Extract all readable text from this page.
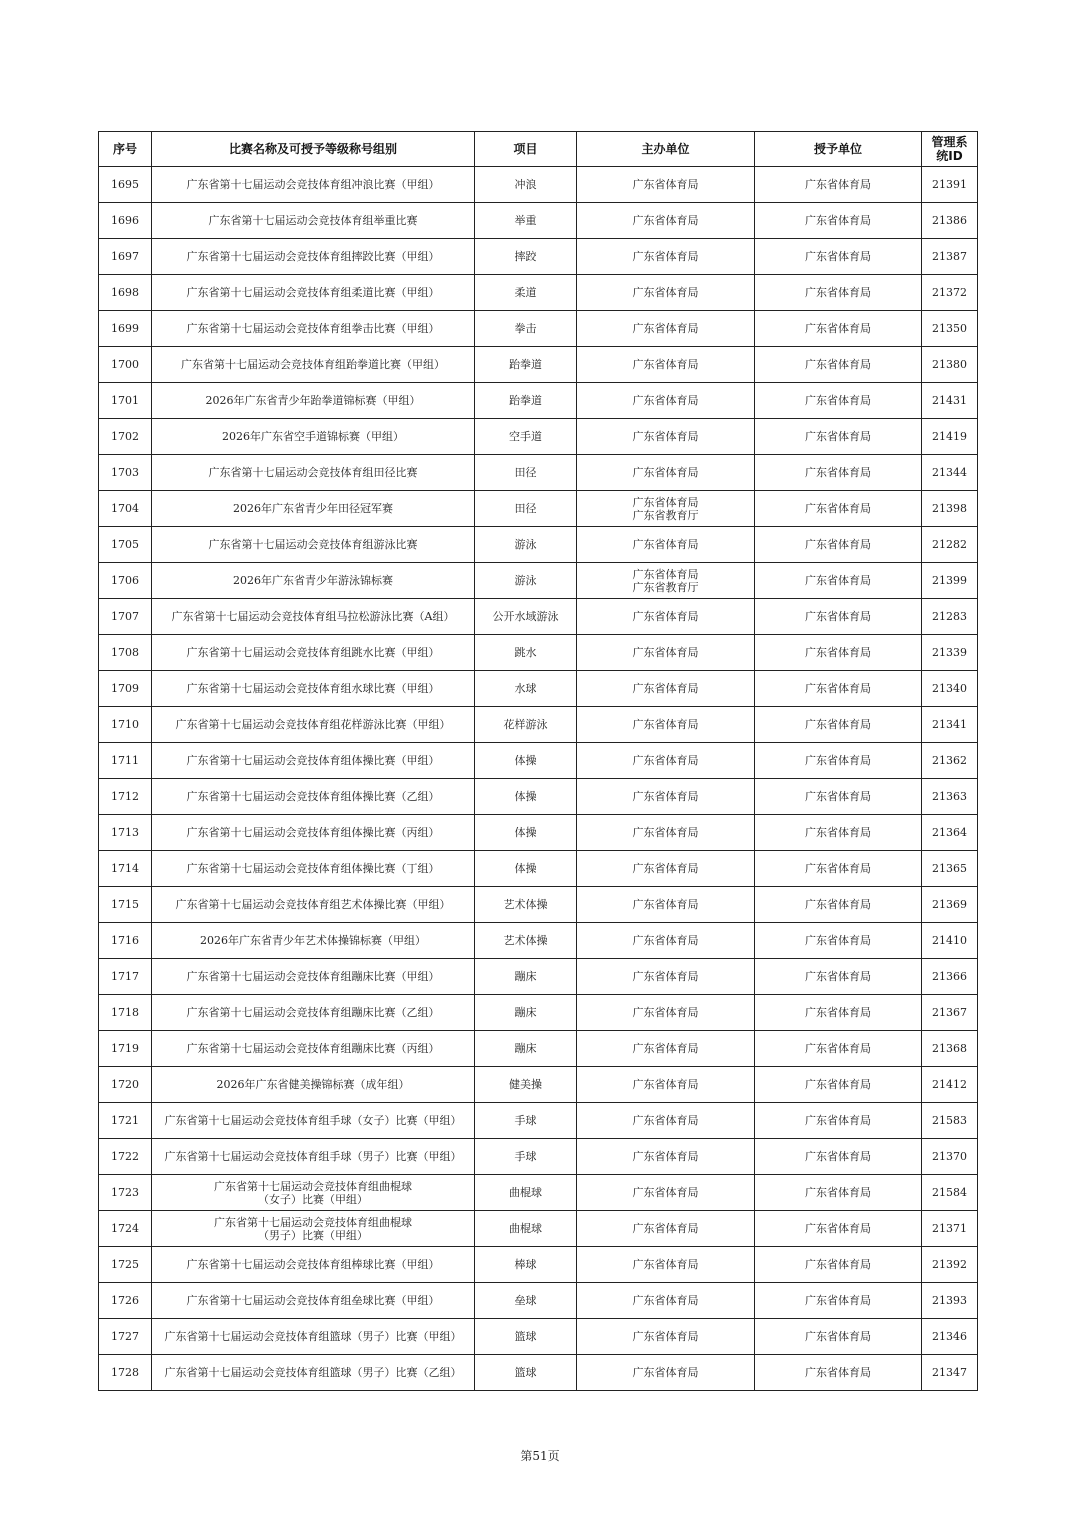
序号	比赛名称及可授予等级称号组别	项目	主办单位	授予单位	管理系统ID
1695	广东省第十七届运动会竞技体育组冲浪比赛（甲组）	冲浪	广东省体育局	广东省体育局	21391
1696	广东省第十七届运动会竞技体育组举重比赛	举重	广东省体育局	广东省体育局	21386
1697	广东省第十七届运动会竞技体育组摔跤比赛（甲组）	摔跤	广东省体育局	广东省体育局	21387
1698	广东省第十七届运动会竞技体育组柔道比赛（甲组）	柔道	广东省体育局	广东省体育局	21372
1699	广东省第十七届运动会竞技体育组拳击比赛（甲组）	拳击	广东省体育局	广东省体育局	21350
1700	广东省第十七届运动会竞技体育组跆拳道比赛（甲组）	跆拳道	广东省体育局	广东省体育局	21380
1701	2026年广东省青少年跆拳道锦标赛（甲组）	跆拳道	广东省体育局	广东省体育局	21431
1702	2026年广东省空手道锦标赛（甲组）	空手道	广东省体育局	广东省体育局	21419
1703	广东省第十七届运动会竞技体育组田径比赛	田径	广东省体育局	广东省体育局	21344
1704	2026年广东省青少年田径冠军赛	田径	广东省体育局
广东省教育厅	广东省体育局	21398
1705	广东省第十七届运动会竞技体育组游泳比赛	游泳	广东省体育局	广东省体育局	21282
1706	2026年广东省青少年游泳锦标赛	游泳	广东省体育局
广东省教育厅	广东省体育局	21399
1707	广东省第十七届运动会竞技体育组马拉松游泳比赛（A组）	公开水域游泳	广东省体育局	广东省体育局	21283
1708	广东省第十七届运动会竞技体育组跳水比赛（甲组）	跳水	广东省体育局	广东省体育局	21339
1709	广东省第十七届运动会竞技体育组水球比赛（甲组）	水球	广东省体育局	广东省体育局	21340
1710	广东省第十七届运动会竞技体育组花样游泳比赛（甲组）	花样游泳	广东省体育局	广东省体育局	21341
1711	广东省第十七届运动会竞技体育组体操比赛（甲组）	体操	广东省体育局	广东省体育局	21362
1712	广东省第十七届运动会竞技体育组体操比赛（乙组）	体操	广东省体育局	广东省体育局	21363
1713	广东省第十七届运动会竞技体育组体操比赛（丙组）	体操	广东省体育局	广东省体育局	21364
1714	广东省第十七届运动会竞技体育组体操比赛（丁组）	体操	广东省体育局	广东省体育局	21365
1715	广东省第十七届运动会竞技体育组艺术体操比赛（甲组）	艺术体操	广东省体育局	广东省体育局	21369
1716	2026年广东省青少年艺术体操锦标赛（甲组）	艺术体操	广东省体育局	广东省体育局	21410
1717	广东省第十七届运动会竞技体育组蹦床比赛（甲组）	蹦床	广东省体育局	广东省体育局	21366
1718	广东省第十七届运动会竞技体育组蹦床比赛（乙组）	蹦床	广东省体育局	广东省体育局	21367
1719	广东省第十七届运动会竞技体育组蹦床比赛（丙组）	蹦床	广东省体育局	广东省体育局	21368
1720	2026年广东省健美操锦标赛（成年组）	健美操	广东省体育局	广东省体育局	21412
1721	广东省第十七届运动会竞技体育组手球（女子）比赛（甲组）	手球	广东省体育局	广东省体育局	21583
1722	广东省第十七届运动会竞技体育组手球（男子）比赛（甲组）	手球	广东省体育局	广东省体育局	21370
1723	广东省第十七届运动会竞技体育组曲棍球
（女子）比赛（甲组）	曲棍球	广东省体育局	广东省体育局	21584
1724	广东省第十七届运动会竞技体育组曲棍球
（男子）比赛（甲组）	曲棍球	广东省体育局	广东省体育局	21371
1725	广东省第十七届运动会竞技体育组棒球比赛（甲组）	棒球	广东省体育局	广东省体育局	21392
1726	广东省第十七届运动会竞技体育组垒球比赛（甲组）	垒球	广东省体育局	广东省体育局	21393
1727	广东省第十七届运动会竞技体育组篮球（男子）比赛（甲组）	篮球	广东省体育局	广东省体育局	21346
1728	广东省第十七届运动会竞技体育组篮球（男子）比赛（乙组）	篮球	广东省体育局	广东省体育局	21347
第51页
